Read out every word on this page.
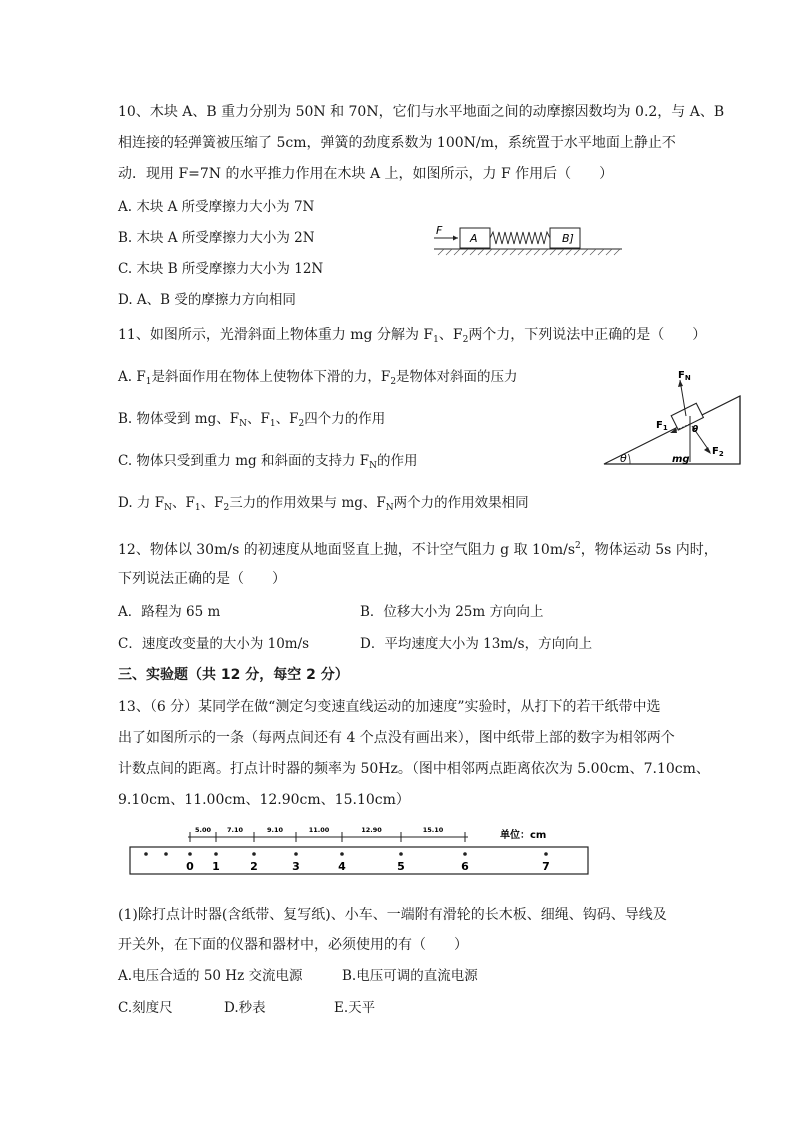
10、木块 A、B 重力分别为 50N 和 70N，它们与水平地面之间的动摩擦因数均为 0.2，与 A、B
相连接的轻弹簧被压缩了 5cm，弹簧的劲度系数为 100N/m，系统置于水平地面上静止不
动．现用 F=7N 的水平推力作用在木块 A 上，如图所示，力 F 作用后（　　）
A. 木块 A 所受摩擦力大小为 7N
B. 木块 A 所受摩擦力大小为 2N
C. 木块 B 所受摩擦力大小为 12N
D. A、B 受的摩擦力方向相同
F
A	B]
11、如图所示，光滑斜面上物体重力 mg 分解为 $F_1$、$F_2$两个力，下列说法中正确的是（　　）
A. $F_1$是斜面作用在物体上使物体下滑的力，$F_2$是物体对斜面的压力
B. 物体受到 mg、$F_N$、$F_1$、$F_2$四个力的作用
C. 物体只受到重力 mg 和斜面的支持力 $F_N$的作用
D. 力 $F_N$、$F_1$、$F_2$三力的作用效果与 mg、$F_N$两个力的作用效果相同
θ
$F_N$
$F_1$
$F_2$
θ
mg
12、物体以 30m/s 的初速度从地面竖直上抛，不计空气阻力 g 取 $10m/s^2$，物体运动 5s 内时，
下列说法正确的是（　　）
A．路程为 65 m	B．位移大小为 25m 方向向上
C．速度改变量的大小为 10m/s	D．平均速度大小为 13m/s，方向向上
三、实验题（共 12 分，每空 2 分）
13、（6 分）某同学在做“测定匀变速直线运动的加速度”实验时，从打下的若干纸带中选
出了如图所示的一条（每两点间还有 4 个点没有画出来），图中纸带上部的数字为相邻两个
计数点间的距离。打点计时器的频率为 50Hz。（图中相邻两点距离依次为 5.00cm、7.10cm、
9.10cm、11.00cm、12.90cm、15.10cm）
单位：cm
5.00 7.10	9.10	11.00	12.90	15.10
0 1	2	3	4	5	6	7
(1)除打点计时器(含纸带、复写纸)、小车、一端附有滑轮的长木板、细绳、钩码、导线及
开关外，在下面的仪器和器材中，必须使用的有（　　）
A.电压合适的 50 Hz 交流电源	B.电压可调的直流电源
C.刻度尺	D.秒表	E.天平
